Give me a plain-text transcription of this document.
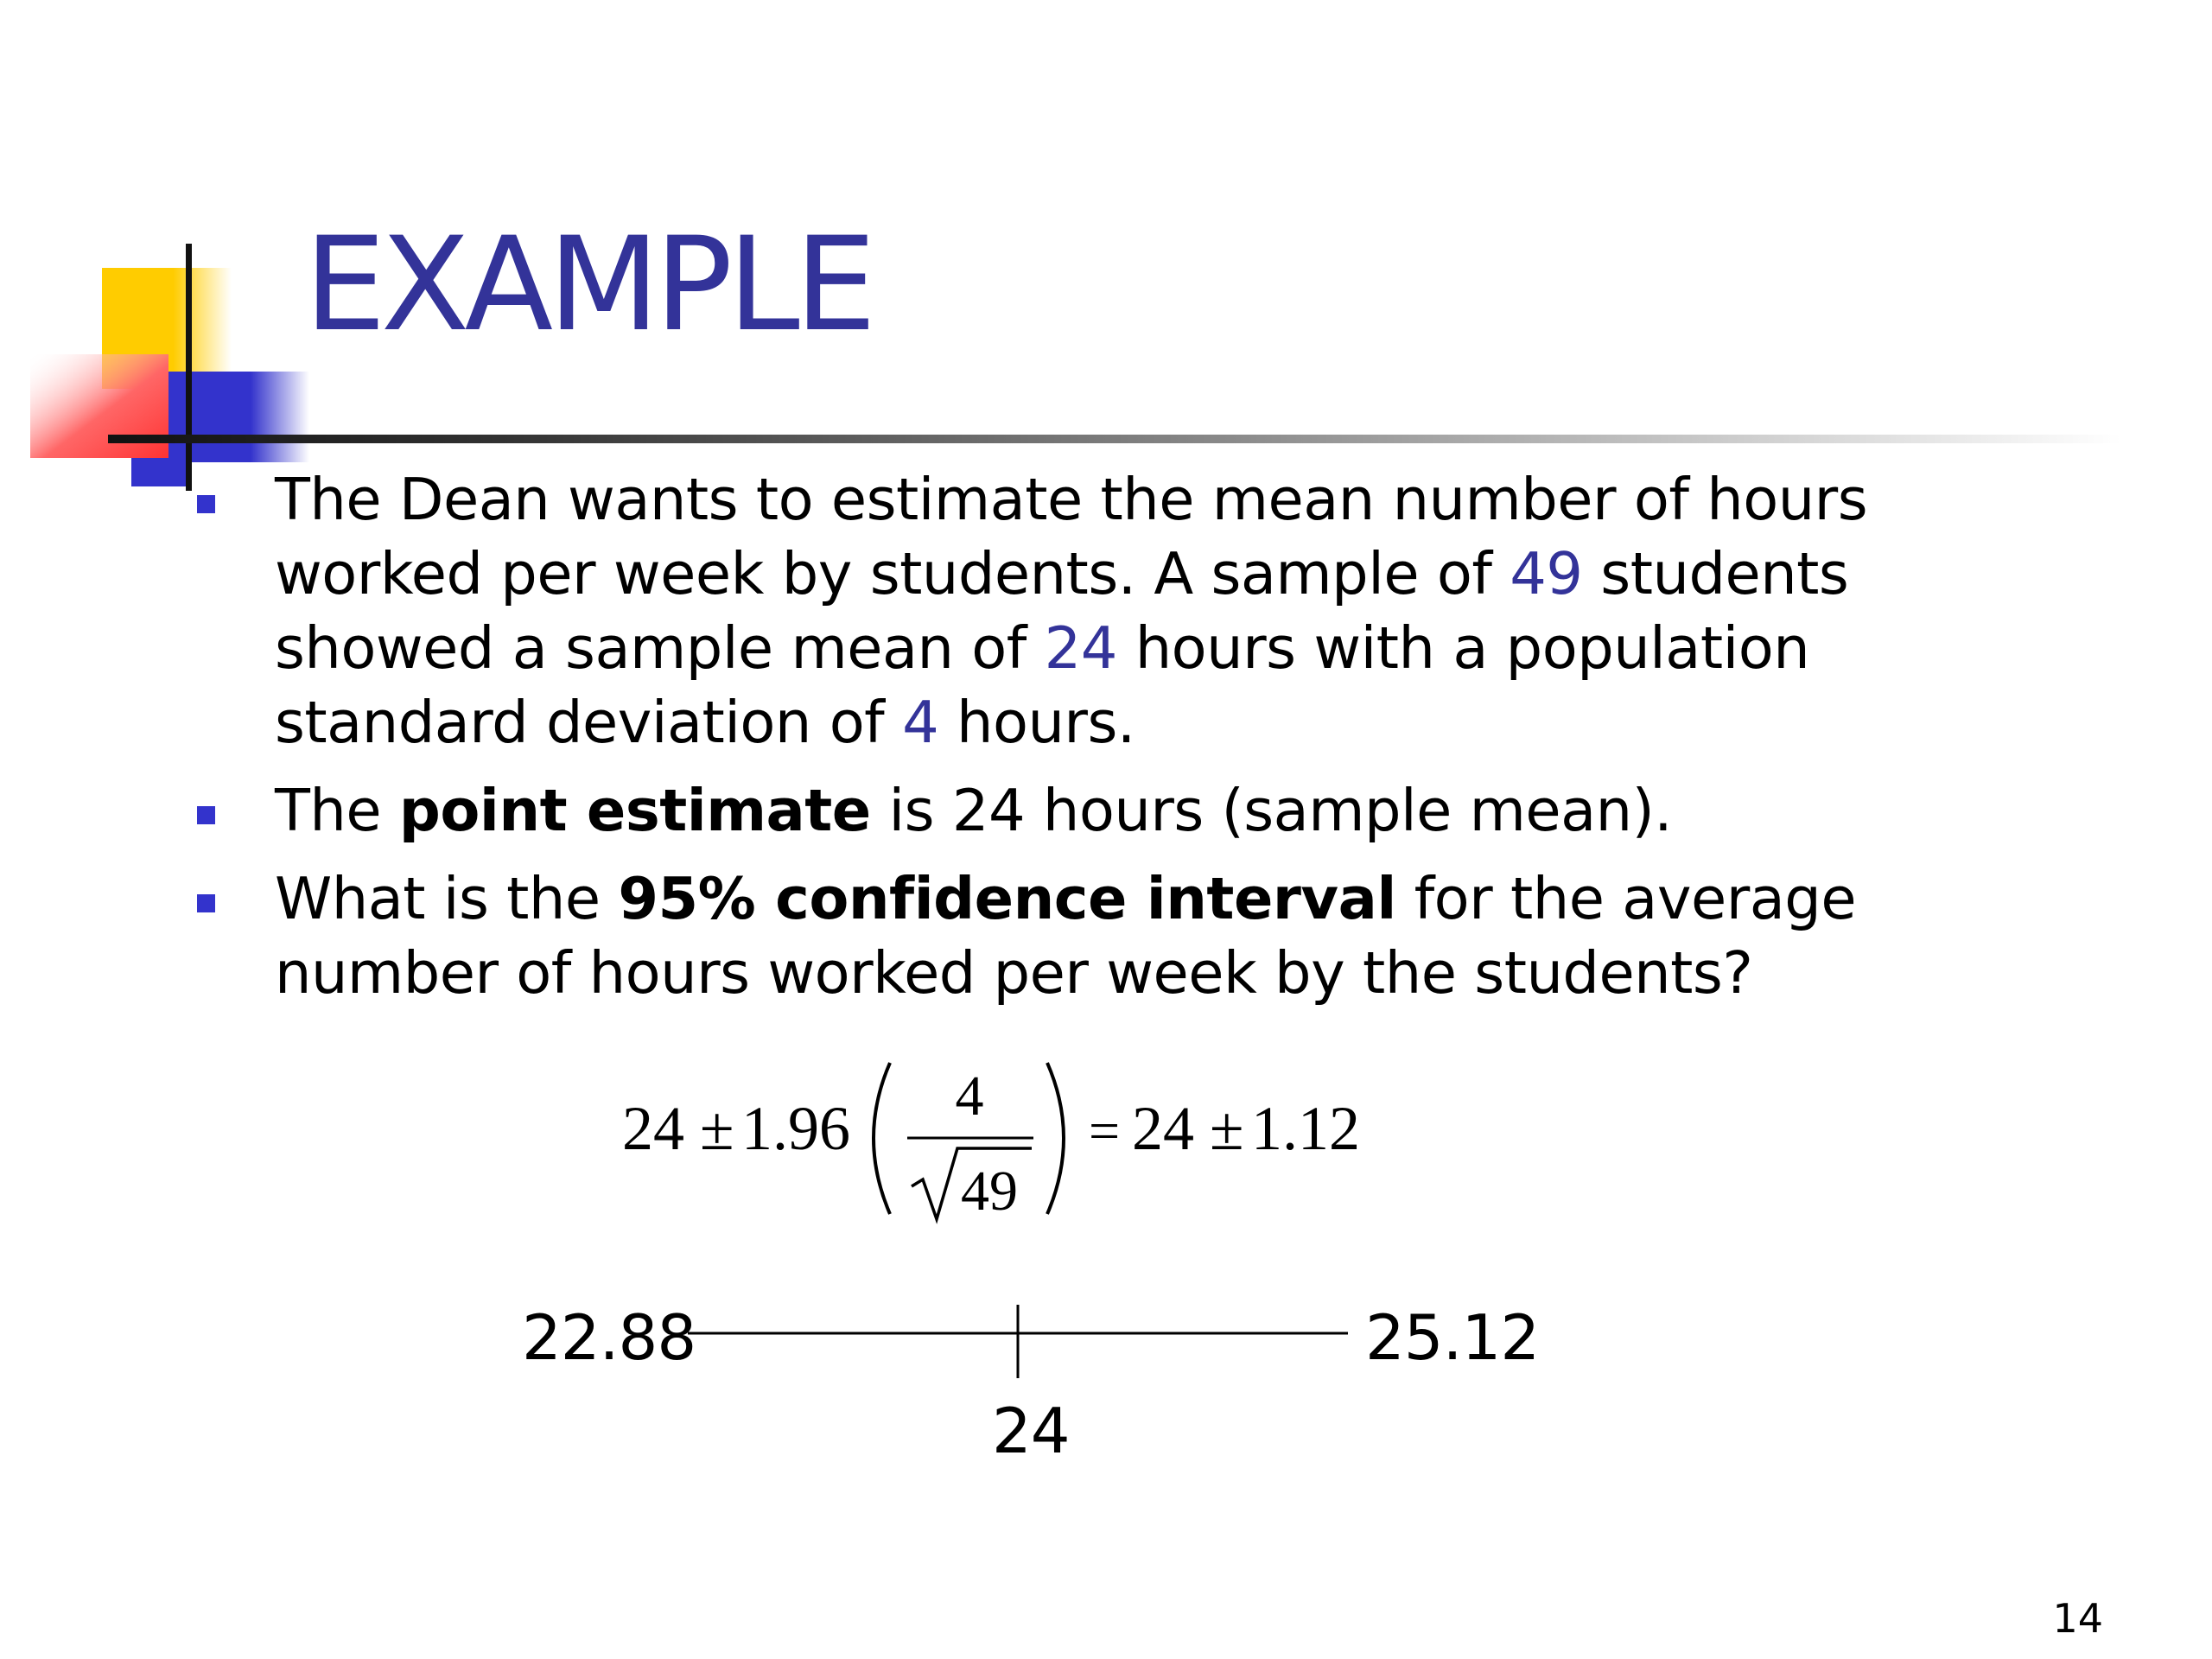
EXAMPLE
The Dean wants to estimate the mean number of hours
worked per week by students. A sample of 49 students
showed a sample mean of 24 hours with a population
standard deviation of 4 hours.
The point estimate is 24 hours (sample mean).
What is the 95% confidence interval for the average
number of hours worked per week by the students?
24 ± 1.96 4
49
= 24 ± 1.12
22.88	25.12
24
14
